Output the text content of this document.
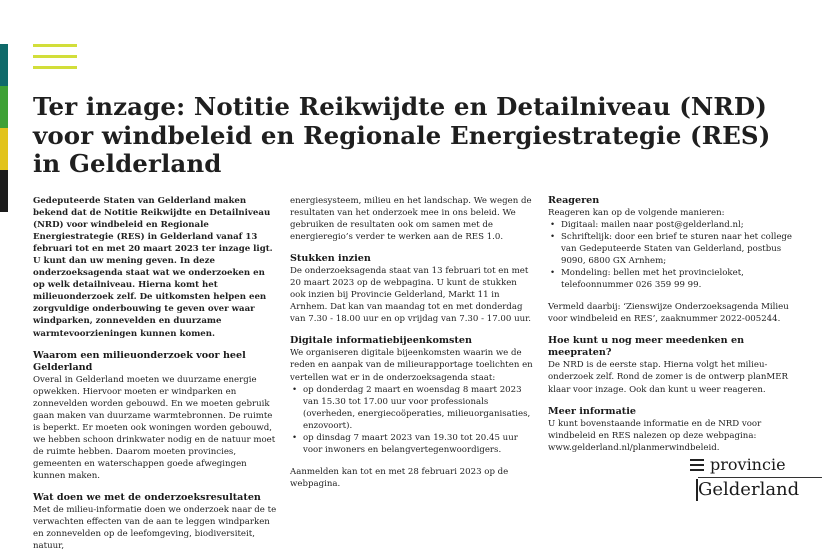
Ter inzage: Notitie Reikwijdte en Detailniveau (NRD) voor windbeleid en Regionale Energiestrategie (RES) in Gelderland

Gedeputeerde Staten van Gelderland maken bekend dat de Notitie Reikwijdte en Detailniveau (NRD) voor windbeleid en Regionale Energiestrategie (RES) in Gelderland vanaf 13 februari tot en met 20 maart 2023 ter inzage ligt. U kunt dan uw mening geven. In deze onderzoeksagenda staat wat we onderzoeken en op welk detailniveau. Hierna komt het milieuonderzoek zelf. De uitkomsten helpen een zorgvuldige onderbouwing te geven over waar windparken, zonnevelden en duurzame warmtevoorzieningen kunnen komen.

Waarom een milieuonderzoek voor heel Gelderland

Overal in Gelderland moeten we duurzame energie opwekken. Hiervoor moeten er windparken en zonnevelden worden gebouwd. En we moeten gebruik gaan maken van duurzame warmtebronnen. De ruimte is beperkt. Er moeten ook woningen worden gebouwd, we hebben schoon drinkwater nodig en de natuur moet de ruimte hebben. Daarom moeten provincies, gemeenten en waterschappen goede afwegingen kunnen maken.

Wat doen we met de onderzoeksresultaten

Met de milieu-informatie doen we onderzoek naar de te verwachten effecten van de aan te leggen windparken en zonnevelden op de leefomgeving, biodiversiteit, natuur,

energiesysteem, milieu en het landschap. We wegen de resultaten van het onderzoek mee in ons beleid. We gebruiken de resultaten ook om samen met de energieregio’s verder te werken aan de RES 1.0.

Stukken inzien

De onderzoeksagenda staat van 13 februari tot en met 20 maart 2023 op de webpagina. U kunt de stukken ook inzien bij Provincie Gelderland, Markt 11 in Arnhem. Dat kan van maandag tot en met donderdag van 7.30 - 18.00 uur en op vrijdag van 7.30 - 17.00 uur.

Digitale informatiebijeenkomsten

We organiseren digitale bijeenkomsten waarin we de reden en aanpak van de milieurapportage toelichten en vertellen wat er in de onderzoeksagenda staat:

• op donderdag 2 maart en woensdag 8 maart 2023 van 15.30 tot 17.00 uur voor professionals (overheden, energiecoöperaties, milieuorganisaties, enzovoort).
• op dinsdag 7 maart 2023 van 19.30 tot 20.45 uur voor inwoners en belangvertegenwoordigers.

Aanmelden kan tot en met 28 februari 2023 op de webpagina.

Reageren

Reageren kan op de volgende manieren:

• Digitaal: mailen naar post@gelderland.nl;
• Schriftelijk: door een brief te sturen naar het college van Gedeputeerde Staten van Gelderland, postbus 9090, 6800 GX Arnhem;
• Mondeling: bellen met het provincieloket, telefoonnummer 026 359 99 99.

Vermeld daarbij: ‘Zienswijze Onderzoeksagenda Milieu voor windbeleid en RES’, zaaknummer 2022-005244.

Hoe kunt u nog meer meedenken en meepraten?

De NRD is de eerste stap. Hierna volgt het milieu-onderzoek zelf. Rond de zomer is de ontwerp planMER klaar voor inzage. Ook dan kunt u weer reageren.

Meer informatie

U kunt bovenstaande informatie en de NRD voor windbeleid en RES nalezen op deze webpagina: www.gelderland.nl/planmerwindbeleid.

provincie
Gelderland
